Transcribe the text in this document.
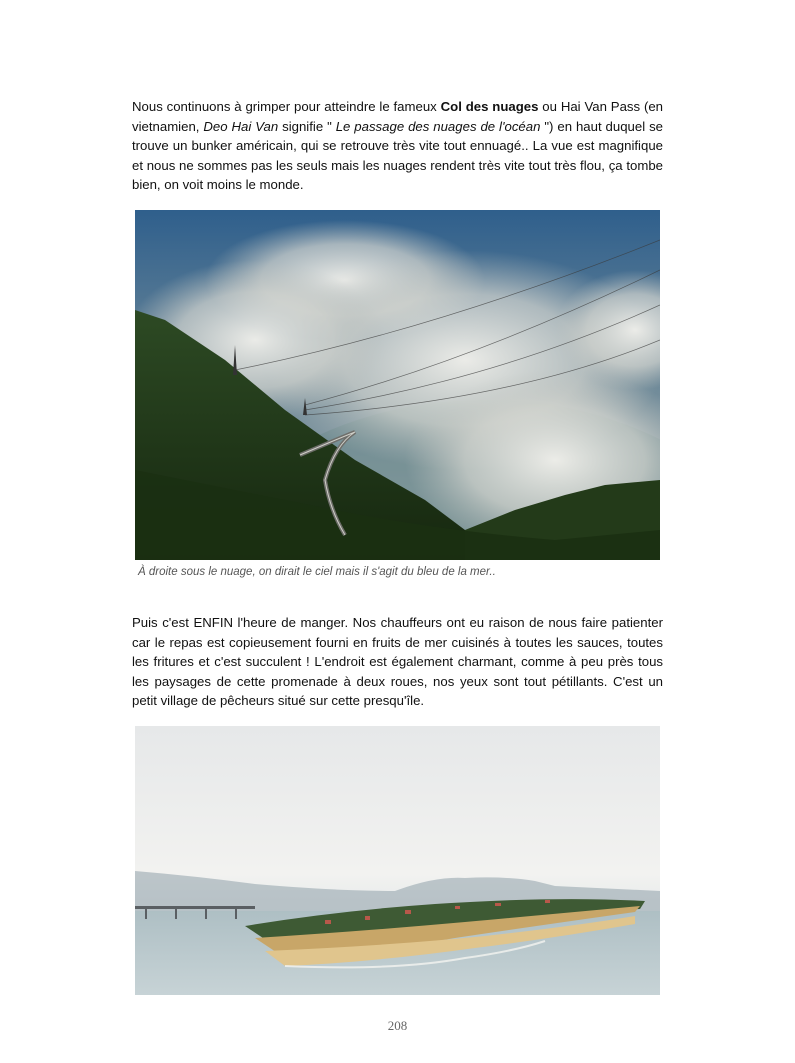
Nous continuons à grimper pour atteindre le fameux Col des nuages ou Hai Van Pass (en vietnamien, Deo Hai Van signifie " Le passage des nuages de l'océan ") en haut duquel se trouve un bunker américain, qui se retrouve très vite tout ennuagé.. La vue est magnifique et nous ne sommes pas les seuls mais les nuages rendent très vite tout très flou, ça tombe bien, on voit moins le monde.

À droite sous le nuage, on dirait le ciel mais il s'agit du bleu de la mer..

Puis c'est ENFIN l'heure de manger. Nos chauffeurs ont eu raison de nous faire patienter car le repas est copieusement fourni en fruits de mer cuisinés à toutes les sauces, toutes les fritures et c'est succulent ! L'endroit est également charmant, comme à peu près tous les paysages de cette promenade à deux roues, nos yeux sont tout pétillants. C'est un petit village de pêcheurs situé sur cette presqu'île.

208
